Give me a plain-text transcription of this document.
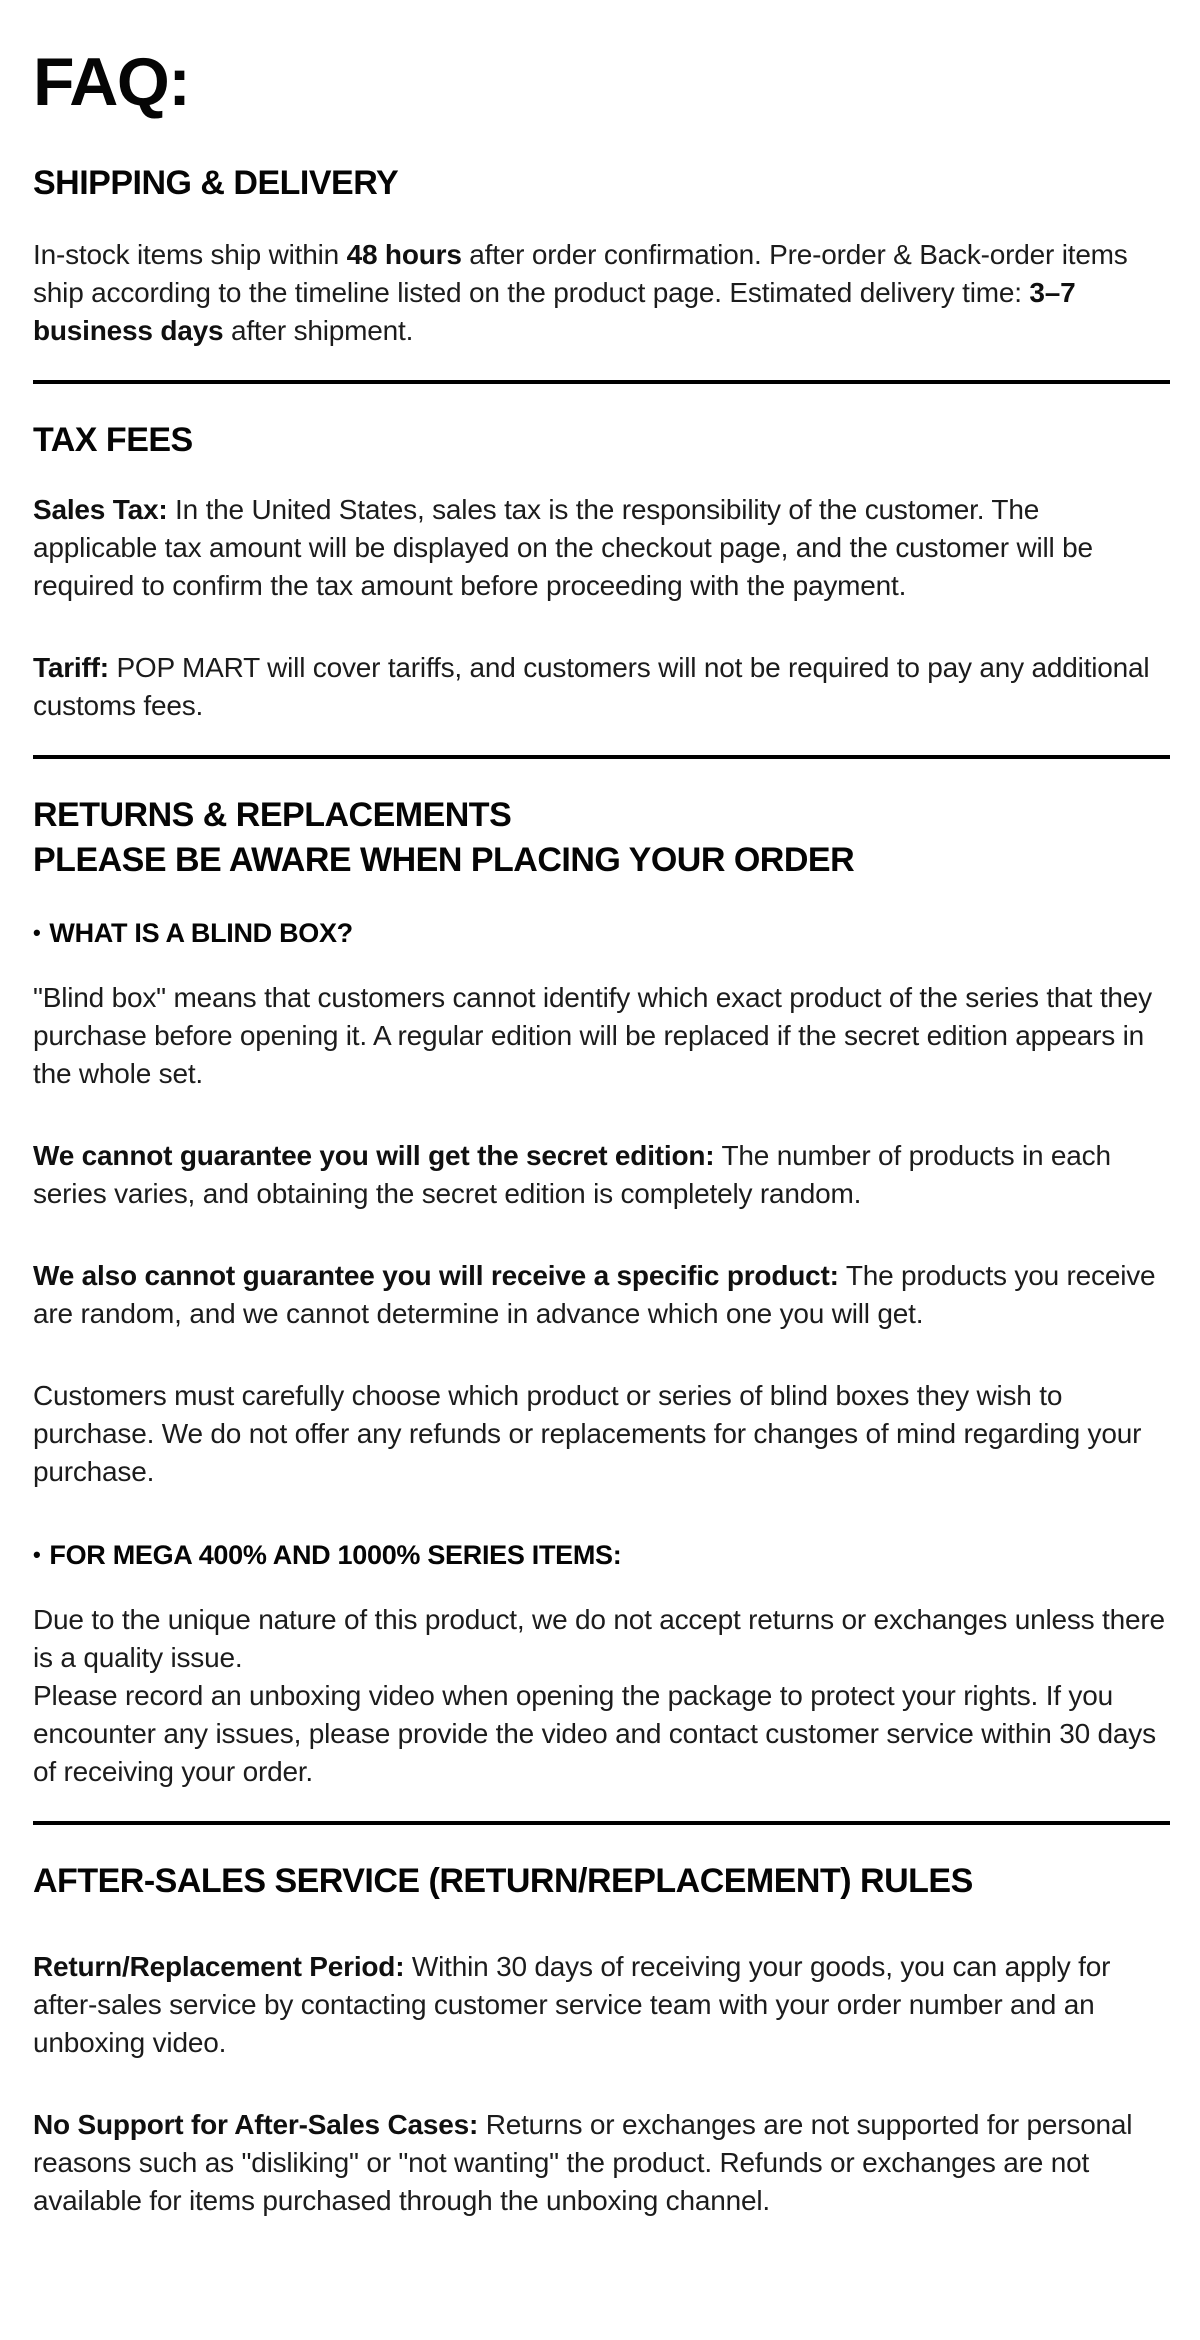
FAQ:
SHIPPING & DELIVERY

In-stock items ship within 48 hours after order confirmation. Pre-order & Back-order items ship according to the timeline listed on the product page. Estimated delivery time: 3–7 business days after shipment.

TAX FEES

Sales Tax: In the United States, sales tax is the responsibility of the customer. The applicable tax amount will be displayed on the checkout page, and the customer will be required to confirm the tax amount before proceeding with the payment.

Tariff: POP MART will cover tariffs, and customers will not be required to pay any additional customs fees.

RETURNS & REPLACEMENTS
PLEASE BE AWARE WHEN PLACING YOUR ORDER
• WHAT IS A BLIND BOX?

"Blind box" means that customers cannot identify which exact product of the series that they purchase before opening it. A regular edition will be replaced if the secret edition appears in the whole set.

We cannot guarantee you will get the secret edition: The number of products in each series varies, and obtaining the secret edition is completely random.

We also cannot guarantee you will receive a specific product: The products you receive are random, and we cannot determine in advance which one you will get.

Customers must carefully choose which product or series of blind boxes they wish to purchase. We do not offer any refunds or replacements for changes of mind regarding your purchase.

• FOR MEGA 400% AND 1000% SERIES ITEMS:

Due to the unique nature of this product, we do not accept returns or exchanges unless there is a quality issue.
Please record an unboxing video when opening the package to protect your rights. If you encounter any issues, please provide the video and contact customer service within 30 days of receiving your order.

AFTER-SALES SERVICE (RETURN/REPLACEMENT) RULES

Return/Replacement Period: Within 30 days of receiving your goods, you can apply for after-sales service by contacting customer service team with your order number and an unboxing video.

No Support for After-Sales Cases: Returns or exchanges are not supported for personal reasons such as "disliking" or "not wanting" the product. Refunds or exchanges are not available for items purchased through the unboxing channel.
